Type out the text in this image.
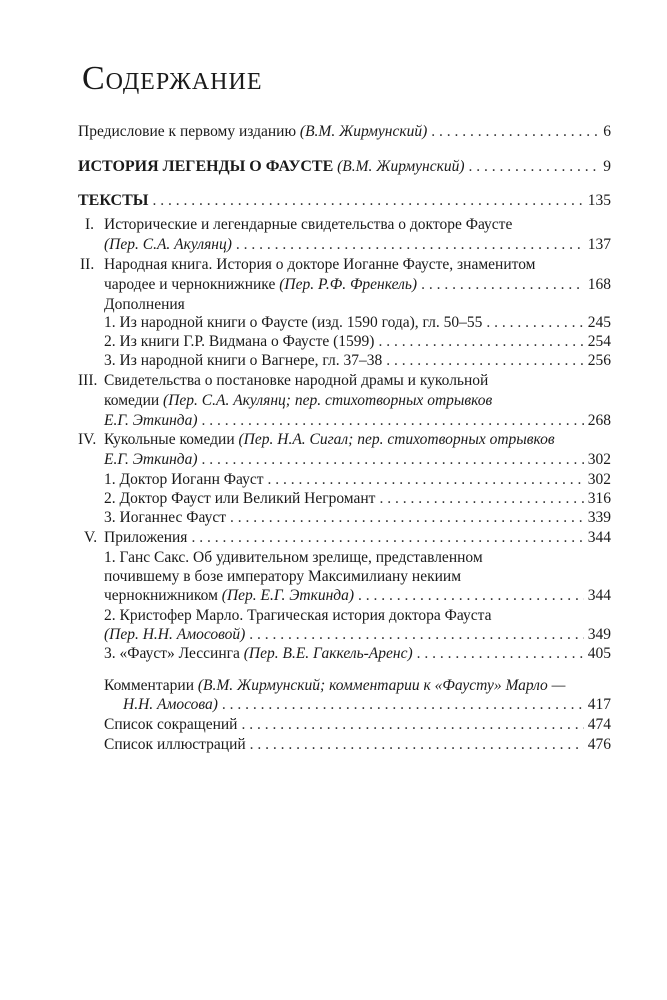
Содержание
Предисловие к первому изданию (В.М. Жирмунский) . . .	6
ИСТОРИЯ ЛЕГЕНДЫ О ФАУСТЕ (В.М. Жирмунский) . . .	9
ТЕКСТЫ . . .	135
I. Исторические и легендарные свидетельства о докторе Фаусте
(Пер. С.А. Акулянц) . . .	137
II. Народная книга. История о докторе Иоганне Фаусте, знаменитом
чародее и чернокнижнике (Пер. Р.Ф. Френкель) . . .	168
Дополнения
1. Из народной книги о Фаусте (изд. 1590 года), гл. 50–55 . . .	245
2. Из книги Г.Р. Видмана о Фаусте (1599) . . .	254
3. Из народной книги о Вагнере, гл. 37–38 . . .	256
III. Свидетельства о постановке народной драмы и кукольной
комедии (Пер. С.А. Акулянц; пер. стихотворных отрывков
Е.Г. Эткинда) . . .	268
IV. Кукольные комедии (Пер. Н.А. Сигал; пер. стихотворных отрывков
Е.Г. Эткинда) . . .	302
1. Доктор Иоганн Фауст . . .	302
2. Доктор Фауст или Великий Негромант . . .	316
3. Иоганнес Фауст . . .	339
V. Приложения . . .	344
1. Ганс Сакс. Об удивительном зрелище, представленном
почившему в бозе императору Максимилиану некиим
чернокнижником (Пер. Е.Г. Эткинда) . . .	344
2. Кристофер Марло. Трагическая история доктора Фауста
(Пер. Н.Н. Амосовой) . . .	349
3. «Фауст» Лессинга (Пер. В.Е. Гаккель-Аренс) . . .	405
Комментарии (В.М. Жирмунский; комментарии к «Фаусту» Марло —
Н.Н. Амосова) . . .	417
Список сокращений . . .	474
Список иллюстраций . . .	476
